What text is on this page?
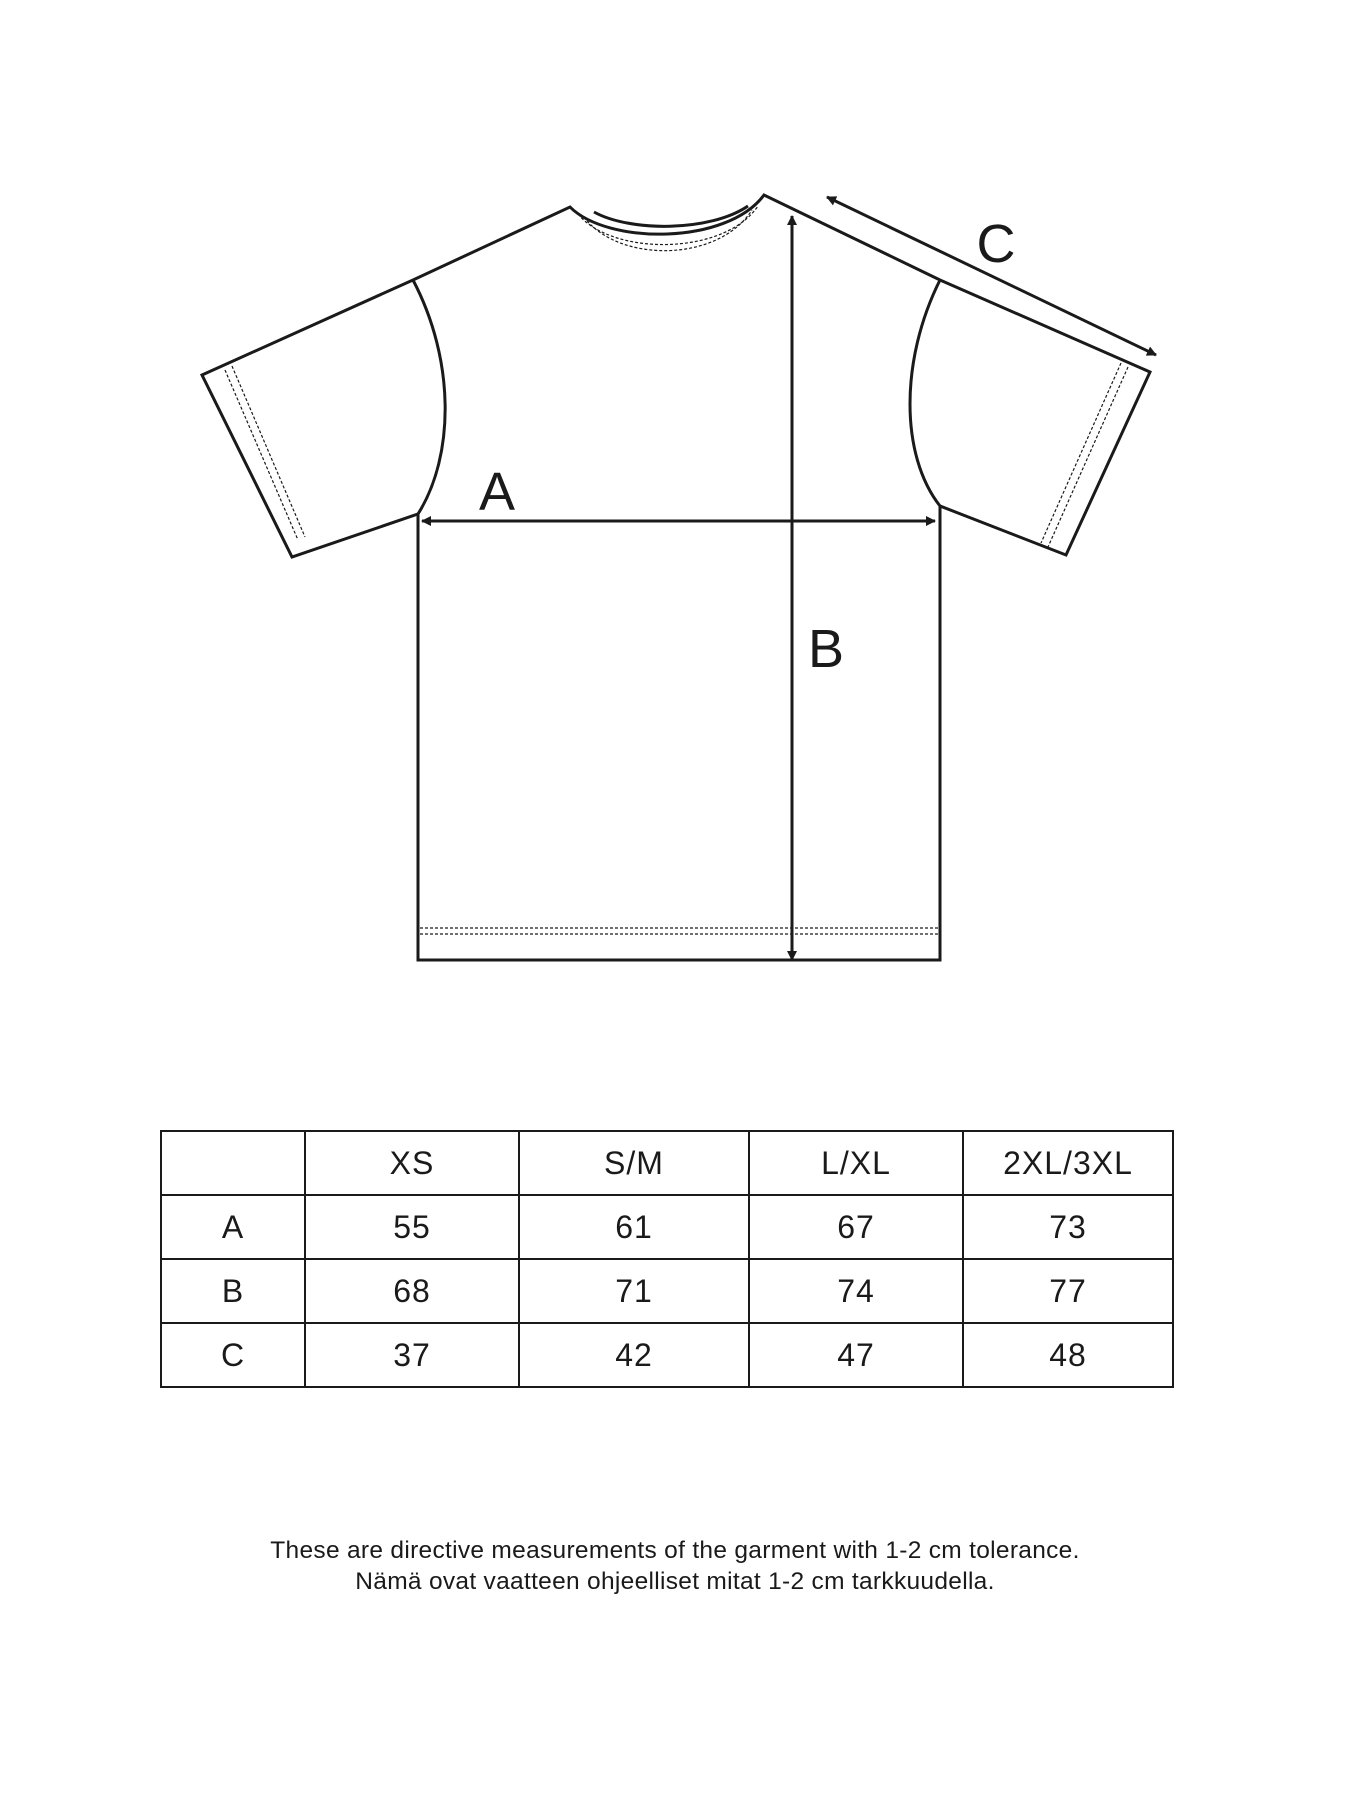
A
B
C
	XS	S/M	L/XL	2XL/3XL
A	55	61	67	73
B	68	71	74	77
C	37	42	47	48
These are directive measurements of the garment with 1-2 cm tolerance.
Nämä ovat vaatteen ohjeelliset mitat 1-2 cm tarkkuudella.
